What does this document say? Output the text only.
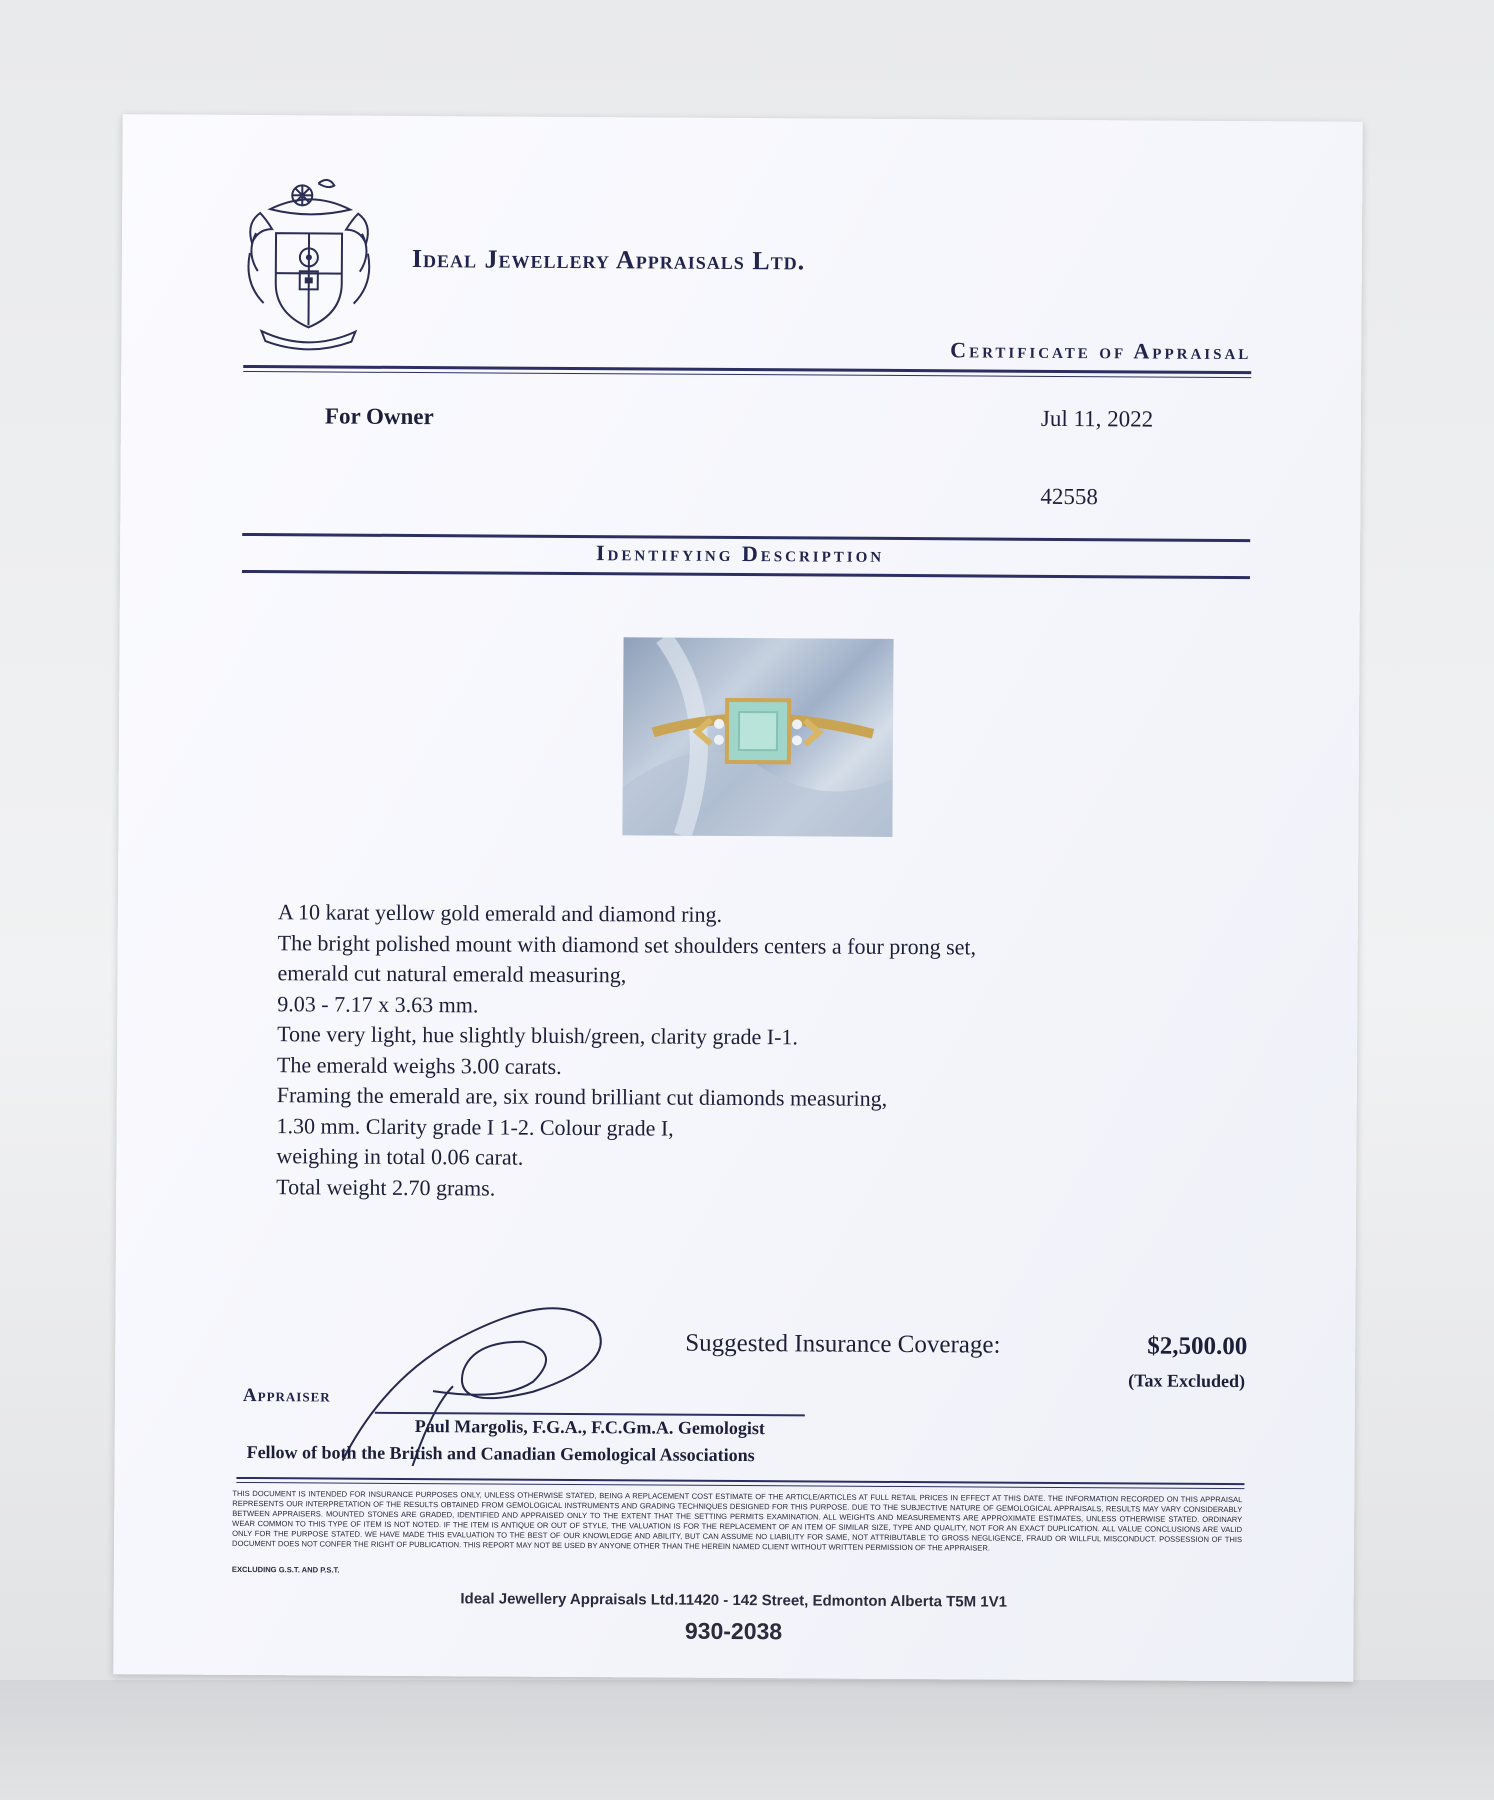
Ideal Jewellery Appraisals Ltd.
Certificate of Appraisal
For Owner	Jul 11, 2022
42558
Identifying Description
A 10 karat yellow gold emerald and diamond ring.
The bright polished mount with diamond set shoulders centers a four prong set,
emerald cut natural emerald measuring,
9.03 - 7.17 x 3.63 mm.
Tone very light, hue slightly bluish/green, clarity grade I-1.
The emerald weighs 3.00 carats.
Framing the emerald are, six round brilliant cut diamonds measuring,
1.30 mm. Clarity grade I 1-2. Colour grade I,
weighing in total 0.06 carat.
Total weight 2.70 grams.
Suggested Insurance Coverage:	$2,500.00
(Tax Excluded)
Appraiser
Paul Margolis, F.G.A., F.C.Gm.A. Gemologist
Fellow of both the British and Canadian Gemological Associations
THIS DOCUMENT IS INTENDED FOR INSURANCE PURPOSES ONLY, UNLESS OTHERWISE STATED, BEING A REPLACEMENT COST ESTIMATE OF THE ARTICLE/ARTICLES AT FULL RETAIL PRICES IN EFFECT AT THIS DATE. THE INFORMATION RECORDED ON THIS APPRAISAL REPRESENTS OUR INTERPRETATION OF THE RESULTS OBTAINED FROM GEMOLOGICAL INSTRUMENTS AND GRADING TECHNIQUES DESIGNED FOR THIS PURPOSE. DUE TO THE SUBJECTIVE NATURE OF GEMOLOGICAL APPRAISALS, RESULTS MAY VARY CONSIDERABLY BETWEEN APPRAISERS. MOUNTED STONES ARE GRADED, IDENTIFIED AND APPRAISED ONLY TO THE EXTENT THAT THE SETTING PERMITS EXAMINATION. ALL WEIGHTS AND MEASUREMENTS ARE APPROXIMATE ESTIMATES, UNLESS OTHERWISE STATED. ORDINARY WEAR COMMON TO THIS TYPE OF ITEM IS NOT NOTED. IF THE ITEM IS ANTIQUE OR OUT OF STYLE, THE VALUATION IS FOR THE REPLACEMENT OF AN ITEM OF SIMILAR SIZE, TYPE AND QUALITY, NOT FOR AN EXACT DUPLICATION. ALL VALUE CONCLUSIONS ARE VALID ONLY FOR THE PURPOSE STATED. WE HAVE MADE THIS EVALUATION TO THE BEST OF OUR KNOWLEDGE AND ABILITY, BUT CAN ASSUME NO LIABILITY FOR SAME, NOT ATTRIBUTABLE TO GROSS NEGLIGENCE, FRAUD OR WILLFUL MISCONDUCT. POSSESSION OF THIS DOCUMENT DOES NOT CONFER THE RIGHT OF PUBLICATION. THIS REPORT MAY NOT BE USED BY ANYONE OTHER THAN THE HEREIN NAMED CLIENT WITHOUT WRITTEN PERMISSION OF THE APPRAISER.
EXCLUDING G.S.T. AND P.S.T.
Ideal Jewellery Appraisals Ltd.11420 - 142 Street, Edmonton Alberta T5M 1V1
930-2038
